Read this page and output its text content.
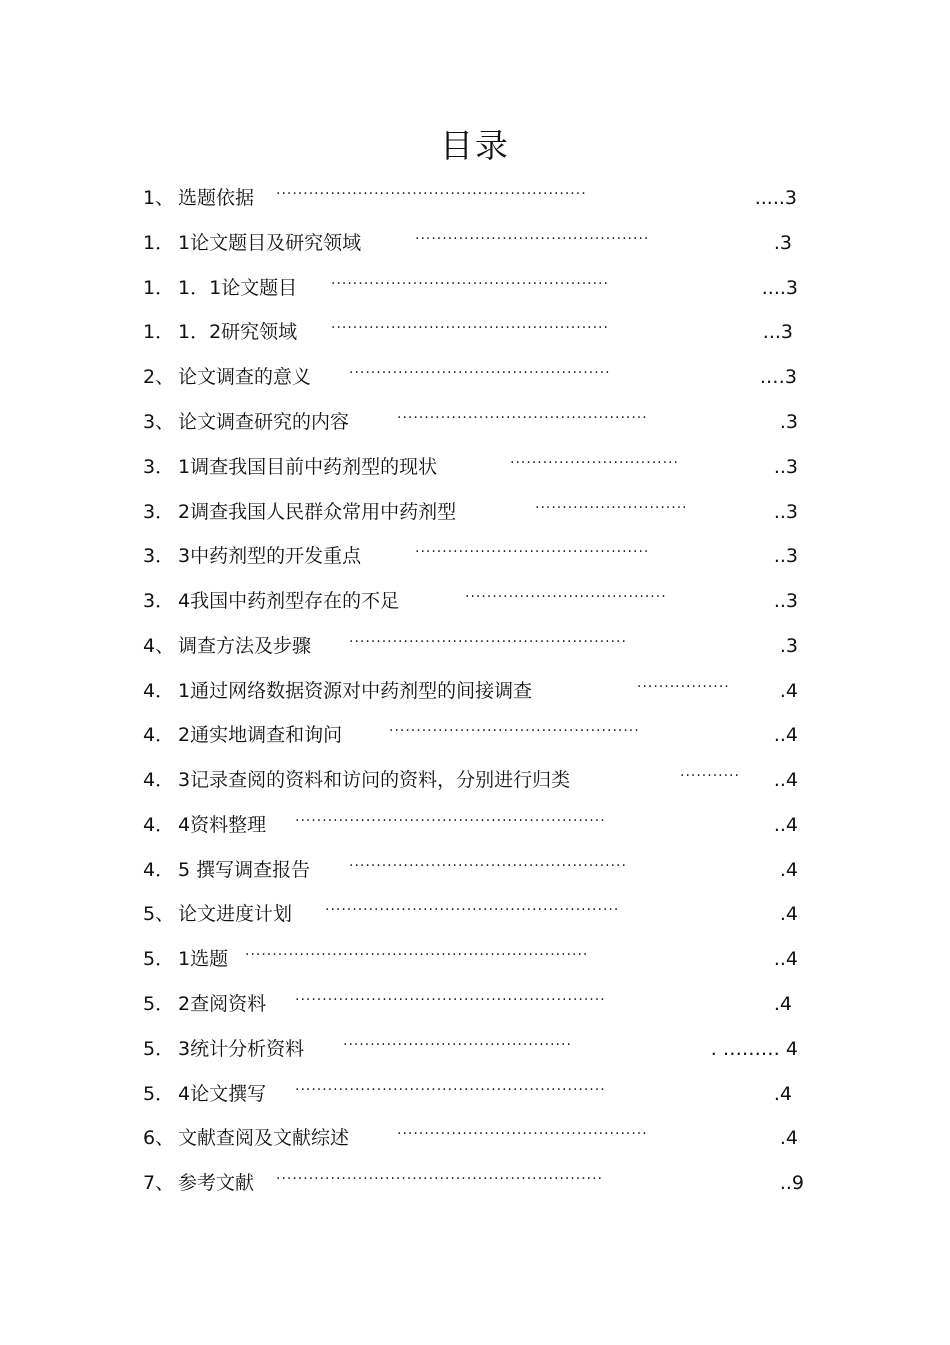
目录
1、 选题依据 ·························································	.....3
1． 1论文题目及研究领域	···········································	.3
1． 1．1论文题目 ···················································	....3
1． 1．2研究领域 ···················································	...3
2、 论文调查的意义	················································	.…3
3、 论文调查研究的内容	··············································	.3
3． 1调查我国目前中药剂型的现状	·······························	..3
3． 2调查我国人民群众常用中药剂型	····························	..3
3． 3中药剂型的开发重点	···········································	..3
3． 4我国中药剂型存在的不足	·····································	..3
4、 调查方法及步骤	···················································	.3
4． 1通过网络数据资源对中药剂型的间接调查	·················	.4
4． 2通实地调查和询问	··············································	..4
4． 3记录查阅的资料和访问的资料，分别进行归类	···········	..4
4． 4资料整理 ·························································	..4
4． 5 撰写调查报告	···················································	.4
5、 论文进度计划 ······················································	.4
5． 1选题 ·······························································	..4
5． 2查阅资料 ·························································	.4
5． 3统计分析资料	··········································	. ……… 4
5． 4论文撰写 ·························································	.4
6、 文献查阅及文献综述	··············································	.4
7、 参考文献 ····························································	..9
